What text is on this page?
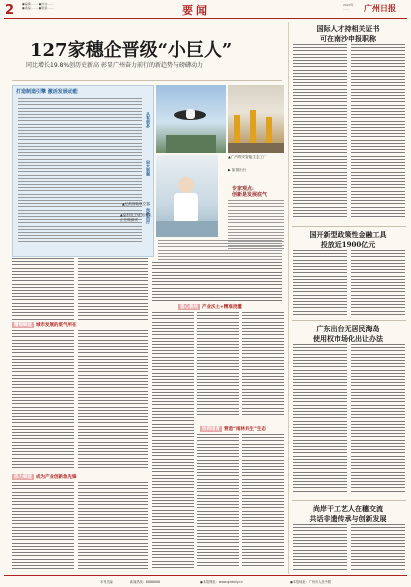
2	●编辑:…… ●校对:……
●美编:…… ●组版:……	要闻	2023年
……	广州日报
127家穗企晋级“小巨人”
同比增长19.8%创历史新高 彰显广州奋力前行的新趋势与磅礴动力
打造制造引擎 激活发展动能
从有到多
由大到强
向新而行
▲亿航智能航空器
▲晶科电子研发团队正在做测试
▲广汽埃安智能生态工厂
▶ 如祺出行
专家观点:
创新是发展底气
精细赋能 城市发展的底气所在
添力赋能 成为产业创新急先锋
悉心栽培 产业沃土+精准浇灌
协同培育 营造“雨林共生”生态
国际人才持相关证书
可在南沙申报职称
国开新型政策性金融工具
投放近1900亿元
广东出台无居民海岛
使用权市场化出让办法
尚岸干工艺人在穗交流
共话非遗传承与创新发展
本刊总编	新闻热线：8888888	●本报网址：www.gzdaily.cn	●本报地址：广州市人民中路
